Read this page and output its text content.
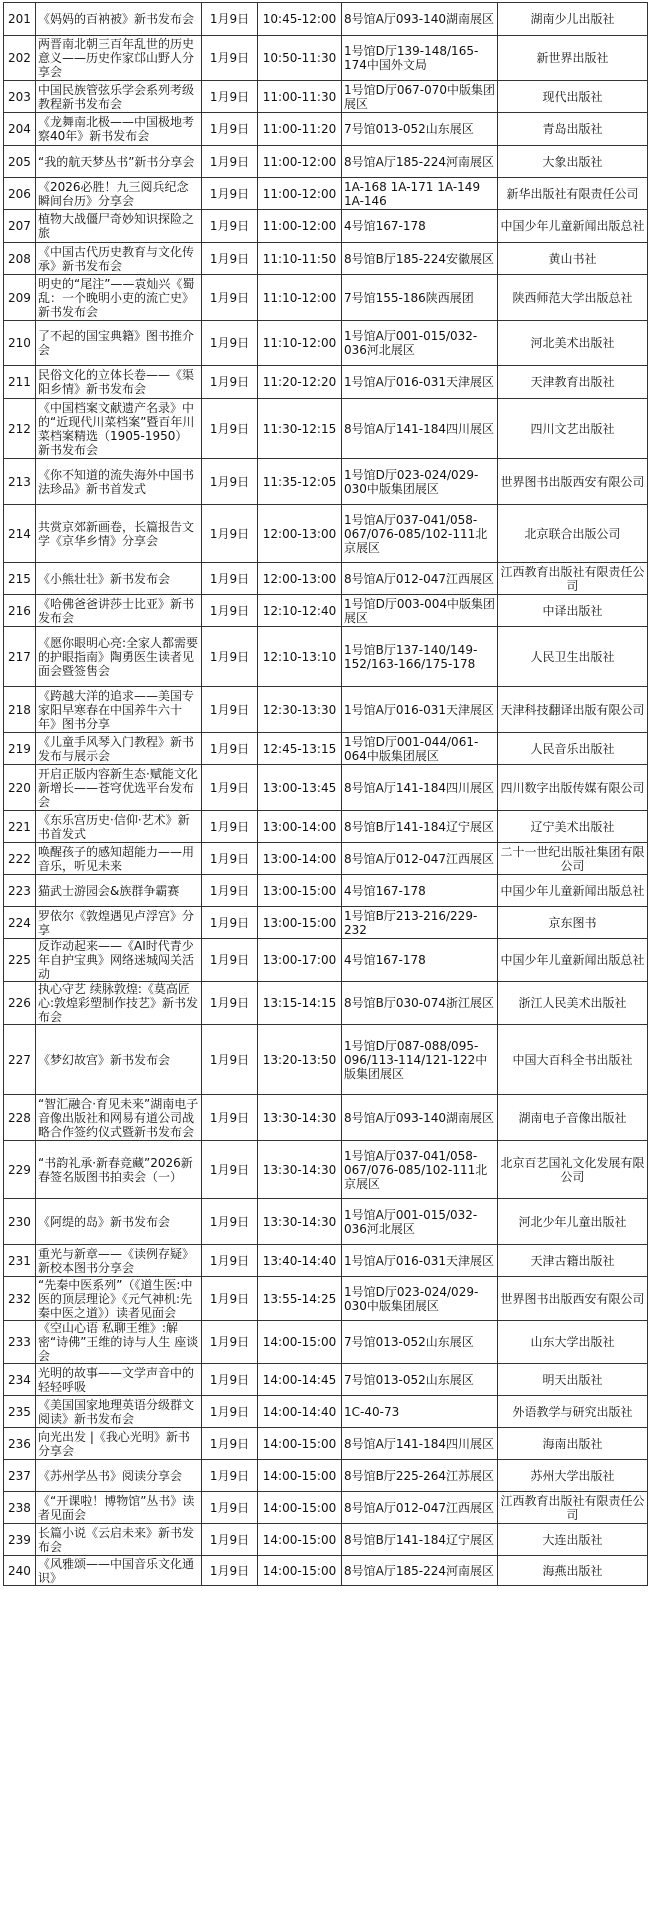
201	《妈妈的百衲被》新书发布会	1月9日	10:45-12:00	8号馆A厅093-140湖南展区	湖南少儿出版社
202	两晋南北朝三百年乱世的历史意义——历史作家邙山野人分享会	1月9日	10:50-11:30	1号馆D厅139-148/165-174中国外文局	新世界出版社
203	中国民族管弦乐学会系列考级教程新书发布会	1月9日	11:00-11:30	1号馆D厅067-070中版集团展区	现代出版社
204	《龙舞南北极——中国极地考察40年》新书发布会	1月9日	11:00-11:20	7号馆013-052山东展区	青岛出版社
205	“我的航天梦丛书”新书分享会	1月9日	11:00-12:00	8号馆A厅185-224河南展区	大象出版社
206	《2026必胜！九三阅兵纪念瞬间台历》分享会	1月9日	11:00-12:00	1A-168 1A-171 1A-149 1A-146	新华出版社有限责任公司
207	植物大战僵尸奇妙知识探险之旅	1月9日	11:00-12:00	4号馆167-178	中国少年儿童新闻出版总社
208	《中国古代历史教育与文化传承》新书发布会	1月9日	11:10-11:50	8号馆B厅185-224安徽展区	黄山书社
209	明史的“尾注”——袁灿兴《蜀乱：一个晚明小吏的流亡史》新书发布会	1月9日	11:10-12:00	7号馆155-186陕西展团	陕西师范大学出版总社
210	了不起的国宝典籍》图书推介会	1月9日	11:10-12:00	1号馆A厅001-015/032-036河北展区	河北美术出版社
211	民俗文化的立体长卷——《渠阳乡情》新书发布会	1月9日	11:20-12:20	1号馆A厅016-031天津展区	天津教育出版社
212	《中国档案文献遗产名录》中的“近现代川菜档案”暨百年川菜档案精选（1905-1950）新书发布会	1月9日	11:30-12:15	8号馆A厅141-184四川展区	四川文艺出版社
213	《你不知道的流失海外中国书法珍品》新书首发式	1月9日	11:35-12:05	1号馆D厅023-024/029-030中版集团展区	世界图书出版西安有限公司
214	共赏京郊新画卷，长篇报告文学《京华乡情》分享会	1月9日	12:00-13:00	1号馆A厅037-041/058-067/076-085/102-111北京展区	北京联合出版公司
215	《小熊壮壮》新书发布会	1月9日	12:00-13:00	8号馆A厅012-047江西展区	江西教育出版社有限责任公司
216	《哈佛爸爸讲莎士比亚》新书发布会	1月9日	12:10-12:40	1号馆D厅003-004中版集团展区	中译出版社
217	《愿你眼明心亮:全家人都需要的护眼指南》陶勇医生读者见面会暨签售会	1月9日	12:10-13:10	1号馆B厅137-140/149-152/163-166/175-178	人民卫生出版社
218	《跨越大洋的追求——美国专家阳早寒春在中国养牛六十年》图书分享	1月9日	12:30-13:30	1号馆A厅016-031天津展区	天津科技翻译出版有限公司
219	《儿童手风琴入门教程》新书发布与展示会	1月9日	12:45-13:15	1号馆D厅001-044/061-064中版集团展区	人民音乐出版社
220	开启正版内容新生态·赋能文化新增长——苍穹优选平台发布会	1月9日	13:00-13:45	8号馆A厅141-184四川展区	四川数字出版传媒有限公司
221	《东乐宫历史·信仰·艺术》新书首发式	1月9日	13:00-14:00	8号馆B厅141-184辽宁展区	辽宁美术出版社
222	唤醒孩子的感知超能力——用音乐，听见未来	1月9日	13:00-14:00	8号馆A厅012-047江西展区	二十一世纪出版社集团有限公司
223	猫武士游园会&族群争霸赛	1月9日	13:00-15:00	4号馆167-178	中国少年儿童新闻出版总社
224	罗依尔《敦煌遇见卢浮宫》分享	1月9日	13:00-15:00	1号馆B厅213-216/229-232	京东图书
225	反诈动起来——《AI时代青少年自护宝典》网络迷城闯关活动	1月9日	13:00-17:00	4号馆167-178	中国少年儿童新闻出版总社
226	执心守艺 续脉敦煌:《莫高匠心:敦煌彩塑制作技艺》新书发布会	1月9日	13:15-14:15	8号馆B厅030-074浙江展区	浙江人民美术出版社
227	《梦幻故宫》新书发布会	1月9日	13:20-13:50	1号馆D厅087-088/095-096/113-114/121-122中版集团展区	中国大百科全书出版社
228	“智汇融合·育见未来”湖南电子音像出版社和网易有道公司战略合作签约仪式暨新书发布会	1月9日	13:30-14:30	8号馆A厅093-140湖南展区	湖南电子音像出版社
229	“书韵礼承·新春竞藏”2026新春签名版图书拍卖会（一）	1月9日	13:30-14:30	1号馆A厅037-041/058-067/076-085/102-111北京展区	北京百艺国礼文化发展有限公司
230	《阿缇的岛》新书发布会	1月9日	13:30-14:30	1号馆A厅001-015/032-036河北展区	河北少年儿童出版社
231	重光与新章——《读例存疑》新校本图书分享会	1月9日	13:40-14:40	1号馆A厅016-031天津展区	天津古籍出版社
232	“先秦中医系列”（《道生医:中医的顶层理论》《元气神机:先秦中医之道》）读者见面会	1月9日	13:55-14:25	1号馆D厅023-024/029-030中版集团展区	世界图书出版西安有限公司
233	《空山心语 私聊王维》:解密“诗佛”王维的诗与人生 座谈会	1月9日	14:00-15:00	7号馆013-052山东展区	山东大学出版社
234	光明的故事——文学声音中的轻轻呼吸	1月9日	14:00-14:45	7号馆013-052山东展区	明天出版社
235	《美国国家地理英语分级群文阅读》新书发布会	1月9日	14:00-14:40	1C-40-73	外语教学与研究出版社
236	向光出发 |《我心光明》新书分享会	1月9日	14:00-15:00	8号馆A厅141-184四川展区	海南出版社
237	《苏州学丛书》阅读分享会	1月9日	14:00-15:00	8号馆B厅225-264江苏展区	苏州大学出版社
238	《“开课啦！博物馆”丛书》读者见面会	1月9日	14:00-15:00	8号馆A厅012-047江西展区	江西教育出版社有限责任公司
239	长篇小说《云启未来》新书发布会	1月9日	14:00-15:00	8号馆B厅141-184辽宁展区	大连出版社
240	《风雅颂——中国音乐文化通识》	1月9日	14:00-15:00	8号馆A厅185-224河南展区	海燕出版社
